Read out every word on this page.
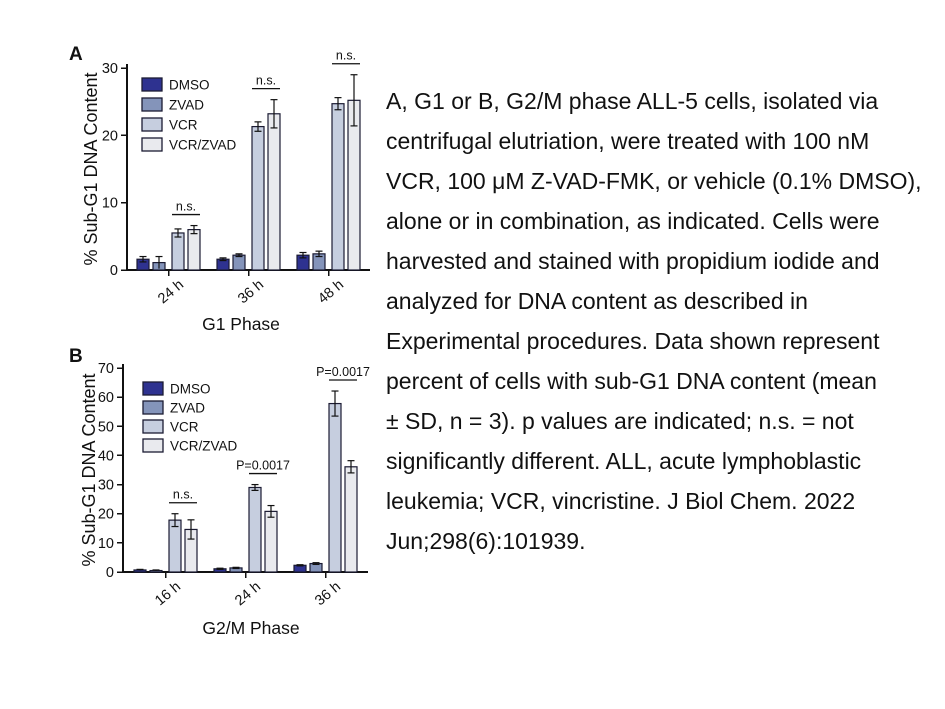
A
0
10
20
30
24 h
n.s.
36 h
n.s.
48 h
n.s.
DMSO
ZVAD
VCR
VCR/ZVAD
% Sub-G1 DNA Content
G1 Phase
B
0
10
20
30
40
50
60
70
16 h
n.s.
24 h
P=0.0017
36 h
P=0.0017
DMSO
ZVAD
VCR
VCR/ZVAD
% Sub-G1 DNA Content
G2/M Phase
A, G1 or B, G2/M phase ALL-5 cells, isolated via
centrifugal elutriation, were treated with 100 nM
VCR, 100 μM Z-VAD-FMK, or vehicle (0.1% DMSO),
alone or in combination, as indicated. Cells were
harvested and stained with propidium iodide and
analyzed for DNA content as described in
Experimental procedures. Data shown represent
percent of cells with sub-G1 DNA content (mean
± SD, n = 3). p values are indicated; n.s. = not
significantly different. ALL, acute lymphoblastic
leukemia; VCR, vincristine. J Biol Chem. 2022
Jun;298(6):101939.
